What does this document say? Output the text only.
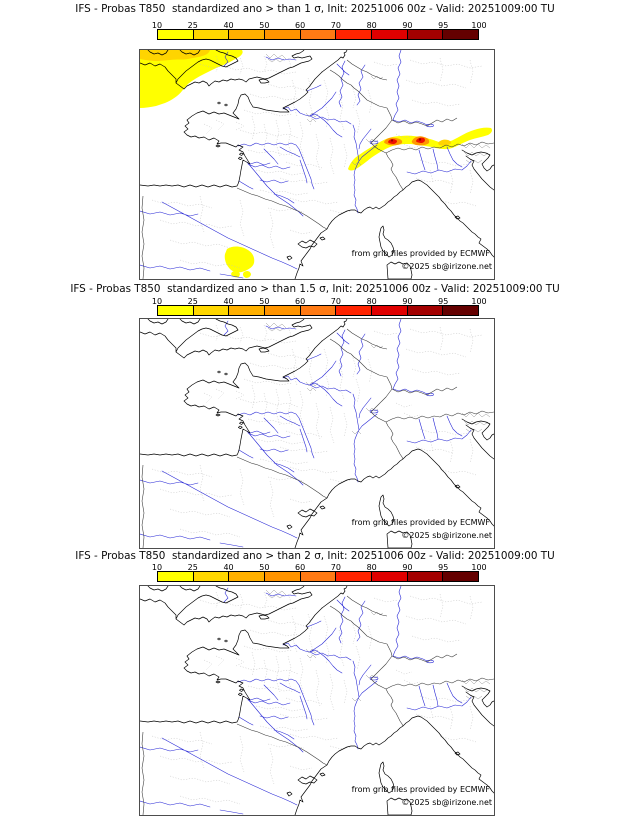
IFS - Probas T850  standardized ano > than 1 σ, Init: 20251006 00z - Valid: 20251009:00 TU
10	25	40	50	60	70	80	90	95	100
from grib files provided by ECMWF
©2025 sb@irizone.net
IFS - Probas T850  standardized ano > than 1.5 σ, Init: 20251006 00z - Valid: 20251009:00 TU
10	25	40	50	60	70	80	90	95	100
from grib files provided by ECMWF
©2025 sb@irizone.net
IFS - Probas T850  standardized ano > than 2 σ, Init: 20251006 00z - Valid: 20251009:00 TU
10	25	40	50	60	70	80	90	95	100
from grib files provided by ECMWF
©2025 sb@irizone.net
